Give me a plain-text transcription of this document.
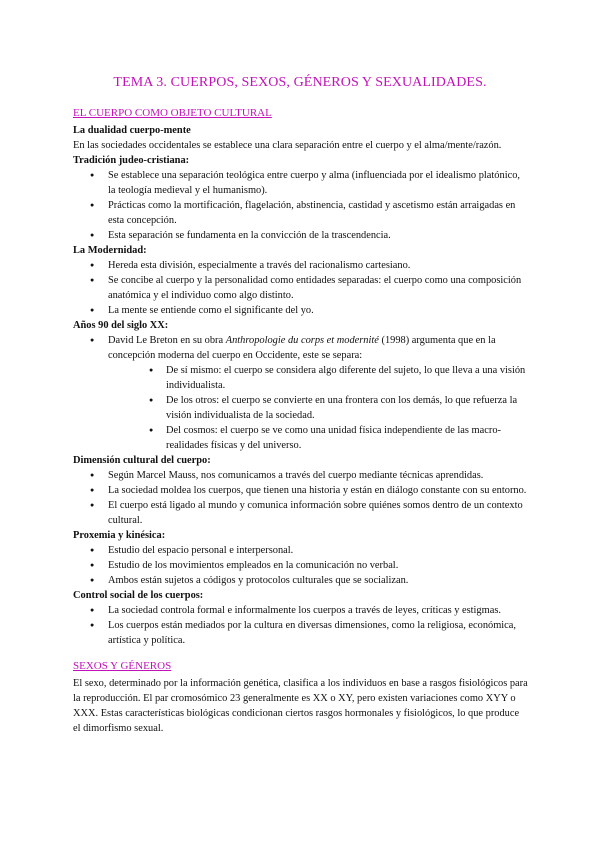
TEMA 3. CUERPOS, SEXOS, GÉNEROS Y SEXUALIDADES.
EL CUERPO COMO OBJETO CULTURAL

La dualidad cuerpo-mente

En las sociedades occidentales se establece una clara separación entre el cuerpo y el alma/mente/razón.

Tradición judeo-cristiana:

● Se establece una separación teológica entre cuerpo y alma (influenciada por el idealismo platónico, la teología medieval y el humanismo).
● Prácticas como la mortificación, flagelación, abstinencia, castidad y ascetismo están arraigadas en esta concepción.
● Esta separación se fundamenta en la convicción de la trascendencia.

La Modernidad:

● Hereda esta división, especialmente a través del racionalismo cartesiano.
● Se concibe al cuerpo y la personalidad como entidades separadas: el cuerpo como una composición anatómica y el individuo como algo distinto.
● La mente se entiende como el significante del yo.

Años 90 del siglo XX:

● David Le Breton en su obra Anthropologie du corps et modernité (1998) argumenta que en la concepción moderna del cuerpo en Occidente, este se separa:
● De sí mismo: el cuerpo se considera algo diferente del sujeto, lo que lleva a una visión individualista.
● De los otros: el cuerpo se convierte en una frontera con los demás, lo que refuerza la visión individualista de la sociedad.
● Del cosmos: el cuerpo se ve como una unidad física independiente de las macro-realidades físicas y del universo.

Dimensión cultural del cuerpo:

● Según Marcel Mauss, nos comunicamos a través del cuerpo mediante técnicas aprendidas.
● La sociedad moldea los cuerpos, que tienen una historia y están en diálogo constante con su entorno.
● El cuerpo está ligado al mundo y comunica información sobre quiénes somos dentro de un contexto cultural.

Proxemia y kinésica:

● Estudio del espacio personal e interpersonal.
● Estudio de los movimientos empleados en la comunicación no verbal.
● Ambos están sujetos a códigos y protocolos culturales que se socializan.

Control social de los cuerpos:

● La sociedad controla formal e informalmente los cuerpos a través de leyes, críticas y estigmas.
● Los cuerpos están mediados por la cultura en diversas dimensiones, como la religiosa, económica, artística y política.
SEXOS Y GÉNEROS

El sexo, determinado por la información genética, clasifica a los individuos en base a rasgos fisiológicos para la reproducción. El par cromosómico 23 generalmente es XX o XY, pero existen variaciones como XYY o XXX. Estas características biológicas condicionan ciertos rasgos hormonales y fisiológicos, lo que produce el dimorfismo sexual.
